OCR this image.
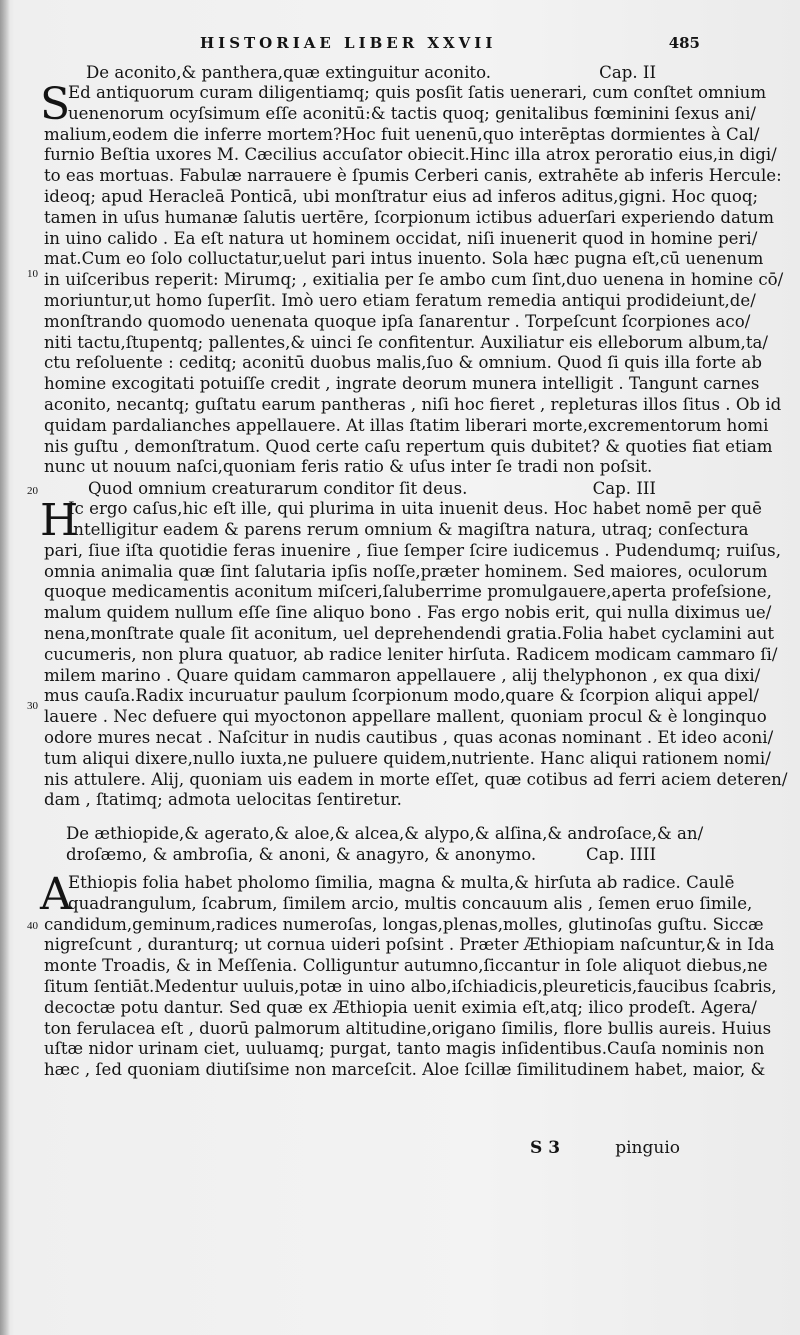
HISTORIAE LIBER XXVII	485
10
20
30
40
De aconito,& panthera,quæ extinguitur aconito.	Cap. II
S
Ed antiquorum curam diligentiamq; quis posſit ſatis uenerari, cum conſtet omnium
uenenorum ocyſsimum eſſe aconitū:& tactis quoq; genitalibus fœminini ſexus ani/
malium,eodem die inferre mortem?Hoc fuit uenenū,quo interēptas dormientes à Cal/
furnio Beſtia uxores M. Cæcilius accuſator obiecit.Hinc illa atrox peroratio eius,in digi/
to eas mortuas. Fabulæ narrauere è ſpumis Cerberi canis, extrahēte ab inferis Hercule:
ideoq; apud Heracleā Ponticā, ubi monſtratur eius ad inferos aditus,gigni. Hoc quoq;
tamen in uſus humanæ ſalutis uertēre, ſcorpionum ictibus aduerſari experiendo datum
in uino calido . Ea eſt natura ut hominem occidat, niſi inuenerit quod in homine peri/
mat.Cum eo ſolo colluctatur,uelut pari intus inuento. Sola hæc pugna eſt,cū uenenum
in uiſceribus reperit: Mirumq; , exitialia per ſe ambo cum ſint,duo uenena in homine cō/
moriuntur,ut homo ſuperſit. Imò uero etiam feratum remedia antiqui prodideiunt,de/
monſtrando quomodo uenenata quoque ipſa ſanarentur . Torpeſcunt ſcorpiones aco/
niti tactu,ſtupentq; pallentes,& uinci ſe confitentur. Auxiliatur eis elleborum album,ta/
ctu reſoluente : ceditq; aconitū duobus malis,ſuo & omnium. Quod ſi quis illa forte ab
homine excogitati potuiſſe credit , ingrate deorum munera intelligit . Tangunt carnes
aconito, necantq; guſtatu earum pantheras , niſi hoc fieret , repleturas illos ſitus . Ob id
quidam pardalianches appellauere. At illas ſtatim liberari morte,excrementorum homi
nis guſtu , demonſtratum. Quod certe caſu repertum quis dubitet? & quoties fiat etiam
nunc ut nouum naſci,quoniam feris ratio & uſus inter ſe tradi non poſsit.
Quod omnium creaturarum conditor ſit deus.	Cap. III
H
Ic ergo caſus,hic eſt ille, qui plurima in uita inuenit deus. Hoc habet nomē per quē
intelligitur eadem & parens rerum omnium & magiſtra natura, utraq; conſectura
pari, ſiue iſta quotidie feras inuenire , ſiue ſemper ſcire iudicemus . Pudendumq; ruiſus,
omnia animalia quæ ſint ſalutaria ipſis noſſe,præter hominem. Sed maiores, oculorum
quoque medicamentis aconitum miſceri,ſaluberrime promulgauere,aperta profeſsione,
malum quidem nullum eſſe ſine aliquo bono . Fas ergo nobis erit, qui nulla diximus ue/
nena,monſtrate quale ſit aconitum, uel deprehendendi gratia.Folia habet cyclamini aut
cucumeris, non plura quatuor, ab radice leniter hirſuta. Radicem modicam cammaro ſi/
milem marino . Quare quidam cammaron appellauere , alij thelyphonon , ex qua dixi/
mus cauſa.Radix incuruatur paulum ſcorpionum modo,quare & ſcorpion aliqui appel/
lauere . Nec defuere qui myoctonon appellare mallent, quoniam procul & è longinquo
odore mures necat . Naſcitur in nudis cautibus , quas aconas nominant . Et ideo aconi/
tum aliqui dixere,nullo iuxta,ne puluere quidem,nutriente. Hanc aliqui rationem nomi/
nis attulere. Alij, quoniam uis eadem in morte eſſet, quæ cotibus ad ferri aciem deteren/
dam , ſtatimq; admota uelocitas ſentiretur.
De æthiopide,& agerato,& aloe,& alcea,& alypo,& alſina,& androſace,& an/
droſæmo, & ambroſia, & anoni, & anagyro, & anonymo.	Cap. IIII
A
Ethiopis folia habet pholomo ſimilia, magna & multa,& hirſuta ab radice. Caulē
quadrangulum, ſcabrum, ſimilem arcio, multis concauum alis , ſemen eruo ſimile,
candidum,geminum,radices numeroſas, longas,plenas,molles, glutinoſas guſtu. Siccæ
nigreſcunt , duranturq; ut cornua uideri poſsint . Præter Æthiopiam naſcuntur,& in Ida
monte Troadis, & in Meſſenia. Colliguntur autumno,ſiccantur in ſole aliquot diebus,ne
ſitum ſentiāt.Medentur uuluis,potæ in uino albo,iſchiadicis,pleureticis,faucibus ſcabris,
decoctæ potu dantur. Sed quæ ex Æthiopia uenit eximia eſt,atq; ilico prodeſt. Agera/
ton ferulacea eſt , duorū palmorum altitudine,origano ſimilis, flore bullis aureis. Huius
uſtæ nidor urinam ciet, uuluamq; purgat, tanto magis inſidentibus.Cauſa nominis non
hæc , ſed quoniam diutiſsime non marceſcit. Aloe ſcillæ ſimilitudinem habet, maior, &
S 3	pinguio
